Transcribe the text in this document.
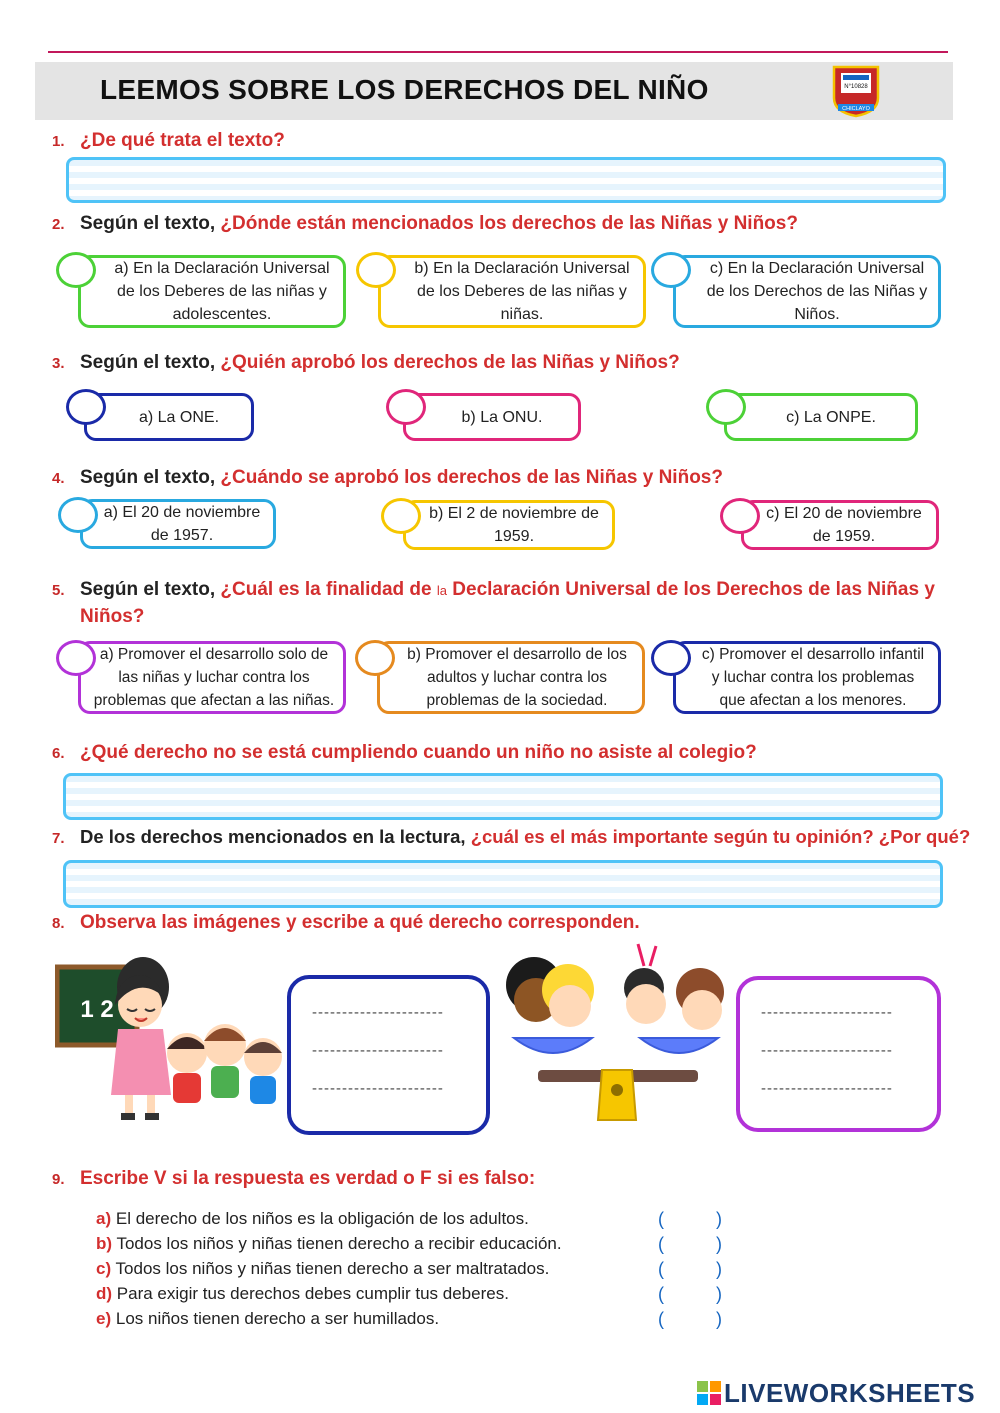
LEEMOS SOBRE LOS DERECHOS DEL NIÑO	N°10828
CHICLAYO
1. ¿De qué trata el texto?
2. Según el texto, ¿Dónde están mencionados los derechos de las Niñas y Niños?
a) En la Declaración Universal
de los Deberes de las niñas y
adolescentes.
b) En la Declaración Universal
de los Deberes de las niñas y
niñas.
c) En la Declaración Universal
de los Derechos de las Niñas y
Niños.
3. Según el texto, ¿Quién aprobó los derechos de las Niñas y Niños?
a) La ONE.	b) La ONU.	c) La ONPE.
4. Según el texto, ¿Cuándo se aprobó los derechos de las Niñas y Niños?
a) El 20 de noviembre
de 1957.
b) El 2 de noviembre de
1959.
c) El 20 de noviembre
de 1959.
5. Según el texto, ¿Cuál es la finalidad de la Declaración Universal de los Derechos de las Niñas y
Niños?
a) Promover el desarrollo solo de
las niñas y luchar contra los
problemas que afectan a las niñas.
b) Promover el desarrollo de los
adultos y luchar contra los
problemas de la sociedad.
c) Promover el desarrollo infantil
y luchar contra los problemas
que afectan a los menores.
6. ¿Qué derecho no se está cumpliendo cuando un niño no asiste al colegio?
7. De los derechos mencionados en la lectura, ¿cuál es el más importante según tu opinión? ¿Por qué?
8. Observa las imágenes y escribe a qué derecho corresponden.
1 2	----------------------
----------------------
----------------------
----------------------
----------------------
----------------------
9. Escribe V si la respuesta es verdad o F si es falso:
a) El derecho de los niños es la obligación de los adultos.
b) Todos los niños y niñas tienen derecho a recibir educación.
c) Todos los niños y niñas tienen derecho a ser maltratados.
d) Para exigir tus derechos debes cumplir tus deberes.
e) Los niños tienen derecho a ser humillados.
(	)
(	)
(	)
(	)
(	)
LIVEWORKSHEETS
